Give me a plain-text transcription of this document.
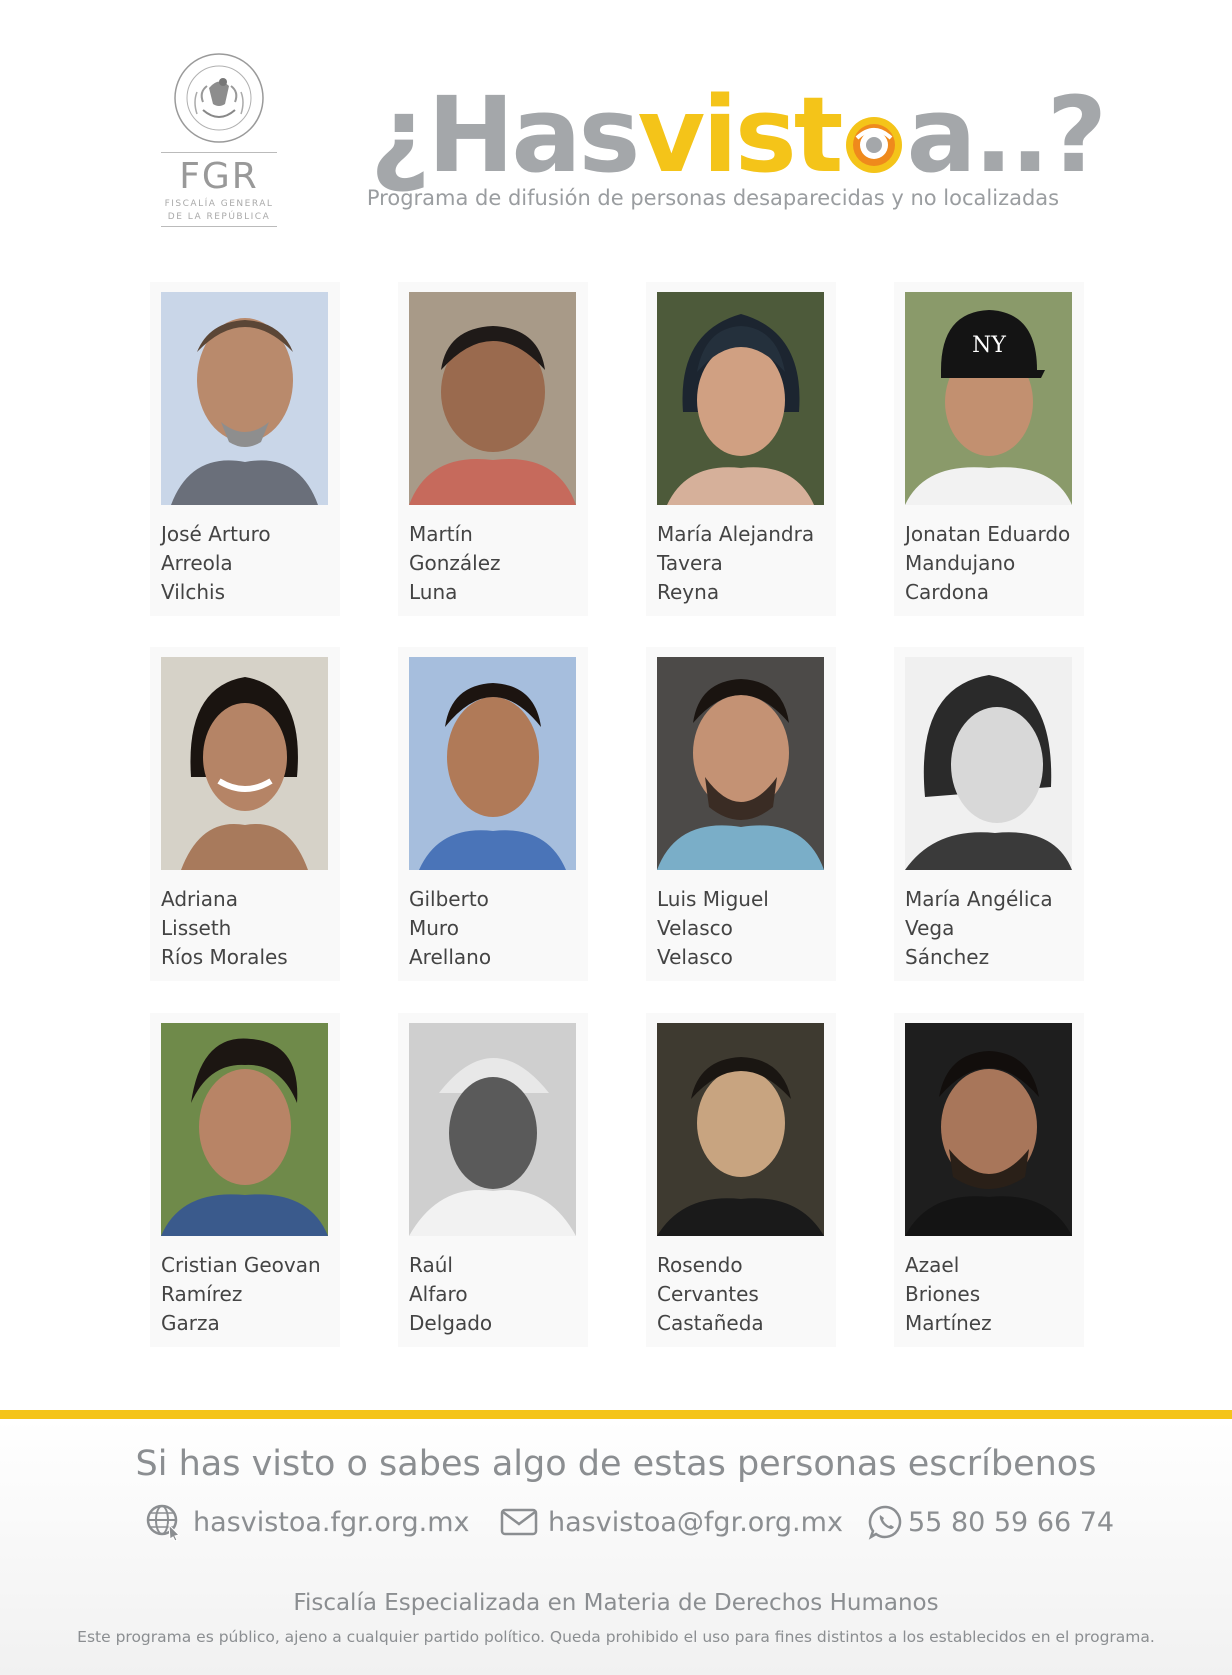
FGR
FISCALÍA GENERAL
DE LA REPÚBLICA
¿Hasvist a..?
Programa de difusión de personas desaparecidas y no localizadas
José Arturo
Arreola
Vilchis
Martín
González
Luna
María Alejandra
Tavera
Reyna
NY
Jonatan Eduardo
Mandujano
Cardona
Adriana
Lisseth
Ríos Morales
Gilberto
Muro
Arellano
Luis Miguel
Velasco
Velasco
María Angélica
Vega
Sánchez
Cristian Geovan
Ramírez
Garza
Raúl
Alfaro
Delgado
Rosendo
Cervantes
Castañeda
Azael
Briones
Martínez
Si has visto o sabes algo de estas personas escríbenos
hasvistoa.fgr.org.mx	hasvistoa@fgr.org.mx 55 80 59 66 74
Fiscalía Especializada en Materia de Derechos Humanos
Este programa es público, ajeno a cualquier partido político. Queda prohibido el uso para fines distintos a los establecidos en el programa.
